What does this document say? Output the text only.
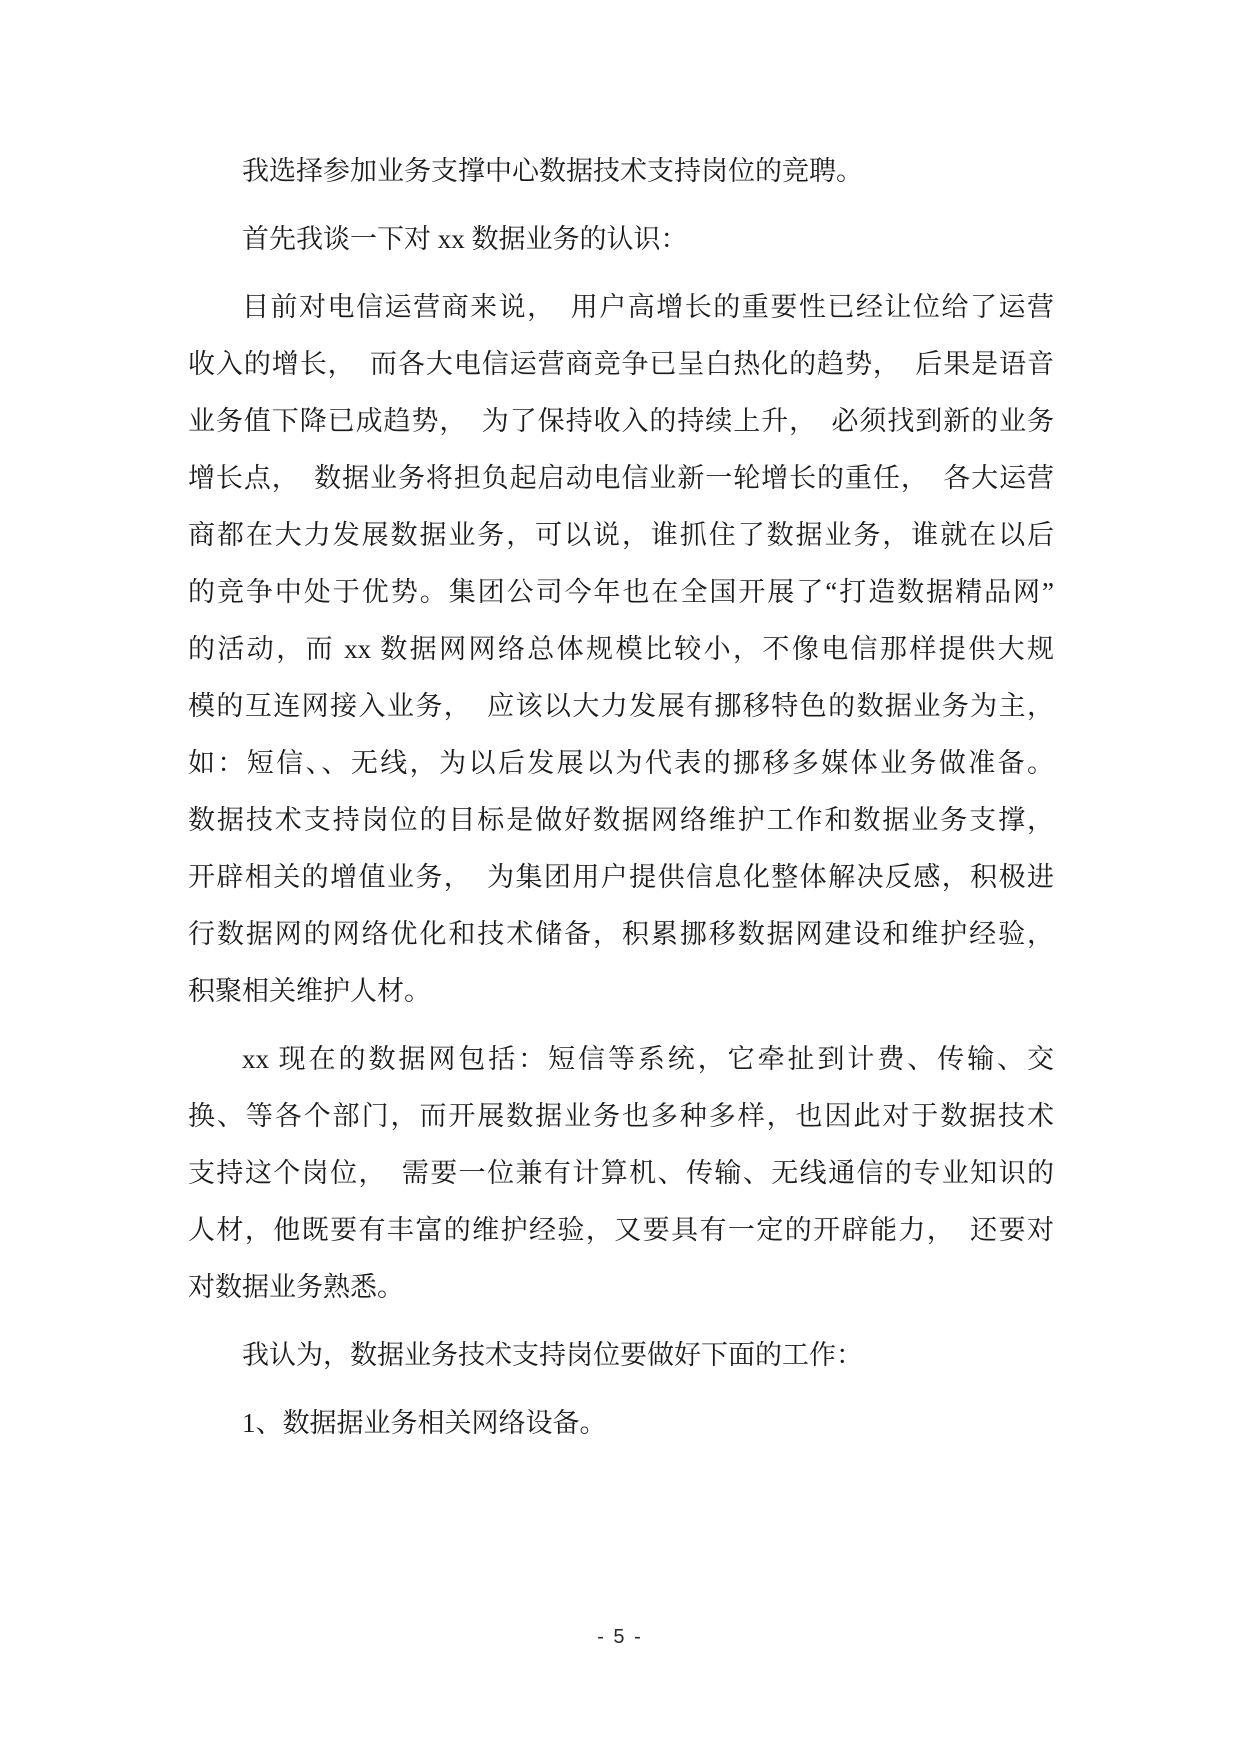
我选择参加业务支撑中心数据技术支持岗位的竞聘。
首先我谈一下对 xx 数据业务的认识：
目前对电信运营商来说，　用户高增长的重要性已经让位给了运营
收入的增长，　而各大电信运营商竞争已呈白热化的趋势，　后果是语音
业务值下降已成趋势，　为了保持收入的持续上升，　必须找到新的业务
增长点，　数据业务将担负起启动电信业新一轮增长的重任，　各大运营
商都在大力发展数据业务，可以说，谁抓住了数据业务，谁就在以后
的竞争中处于优势。集团公司今年也在全国开展了“打造数据精品网”
的活动，而 xx 数据网网络总体规模比较小，不像电信那样提供大规
模的互连网接入业务，　应该以大力发展有挪移特色的数据业务为主，
如：短信、、无线，为以后发展以为代表的挪移多媒体业务做准备。
数据技术支持岗位的目标是做好数据网络维护工作和数据业务支撑，
开辟相关的增值业务，　为集团用户提供信息化整体解决反感，积极进
行数据网的网络优化和技术储备，积累挪移数据网建设和维护经验，
积聚相关维护人材。
xx 现在的数据网包括：短信等系统，它牵扯到计费、传输、交
换、等各个部门，而开展数据业务也多种多样，也因此对于数据技术
支持这个岗位，　需要一位兼有计算机、传输、无线通信的专业知识的
人材，他既要有丰富的维护经验，又要具有一定的开辟能力，　还要对
对数据业务熟悉。
我认为，数据业务技术支持岗位要做好下面的工作：
1、数据据业务相关网络设备。
- 5 -
